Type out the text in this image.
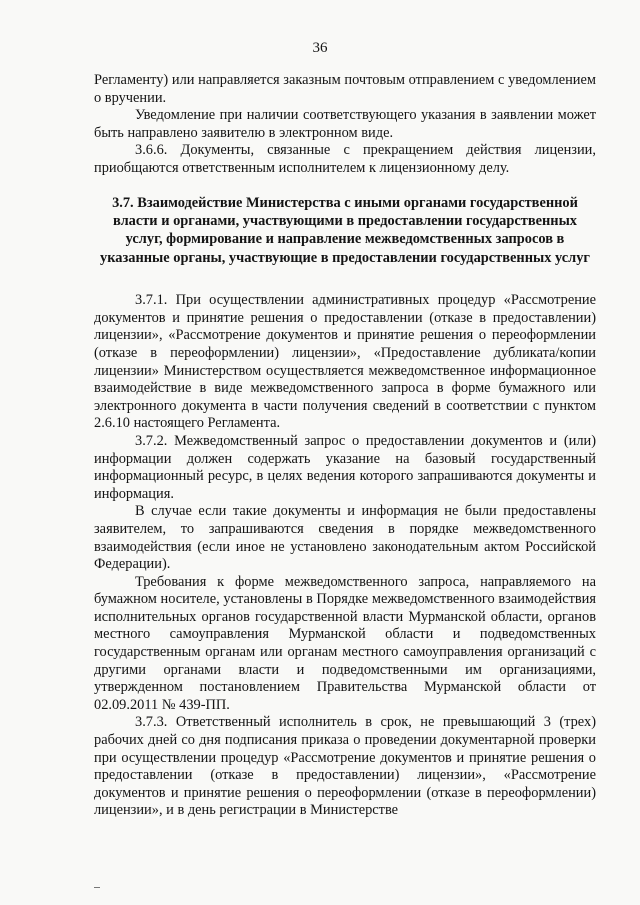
36

Регламенту) или направляется заказным почтовым отправлением с уведомлением о вручении.

Уведомление при наличии соответствующего указания в заявлении может быть направлено заявителю в электронном виде.

3.6.6. Документы, связанные с прекращением действия лицензии, приобщаются ответственным исполнителем к лицензионному делу.

3.7. Взаимодействие Министерства с иными органами государственной власти и органами, участвующими в предоставлении государственных услуг, формирование и направление межведомственных запросов в указанные органы, участвующие в предоставлении государственных услуг

3.7.1. При осуществлении административных процедур «Рассмотрение документов и принятие решения о предоставлении (отказе в предоставлении) лицензии», «Рассмотрение документов и принятие решения о переоформлении (отказе в переоформлении) лицензии», «Предоставление дубликата/копии лицензии» Министерством осуществляется межведомственное информационное взаимодействие в виде межведомственного запроса в форме бумажного или электронного документа в части получения сведений в соответствии с пунктом 2.6.10 настоящего Регламента.

3.7.2. Межведомственный запрос о предоставлении документов и (или) информации должен содержать указание на базовый государственный информационный ресурс, в целях ведения которого запрашиваются документы и информация.

В случае если такие документы и информация не были предоставлены заявителем, то запрашиваются сведения в порядке межведомственного взаимодействия (если иное не установлено законодательным актом Российской Федерации).

Требования к форме межведомственного запроса, направляемого на бумажном носителе, установлены в Порядке межведомственного взаимодействия исполнительных органов государственной власти Мурманской области, органов местного самоуправления Мурманской области и подведомственных государственным органам или органам местного самоуправления организаций с другими органами власти и подведомственными им организациями, утвержденном постановлением Правительства Мурманской области от 02.09.2011 № 439-ПП.

3.7.3. Ответственный исполнитель в срок, не превышающий 3 (трех) рабочих дней со дня подписания приказа о проведении документарной проверки при осуществлении процедур «Рассмотрение документов и принятие решения о предоставлении (отказе в предоставлении) лицензии», «Рассмотрение документов и принятие решения о переоформлении (отказе в переоформлении) лицензии», и в день регистрации в Министерстве
